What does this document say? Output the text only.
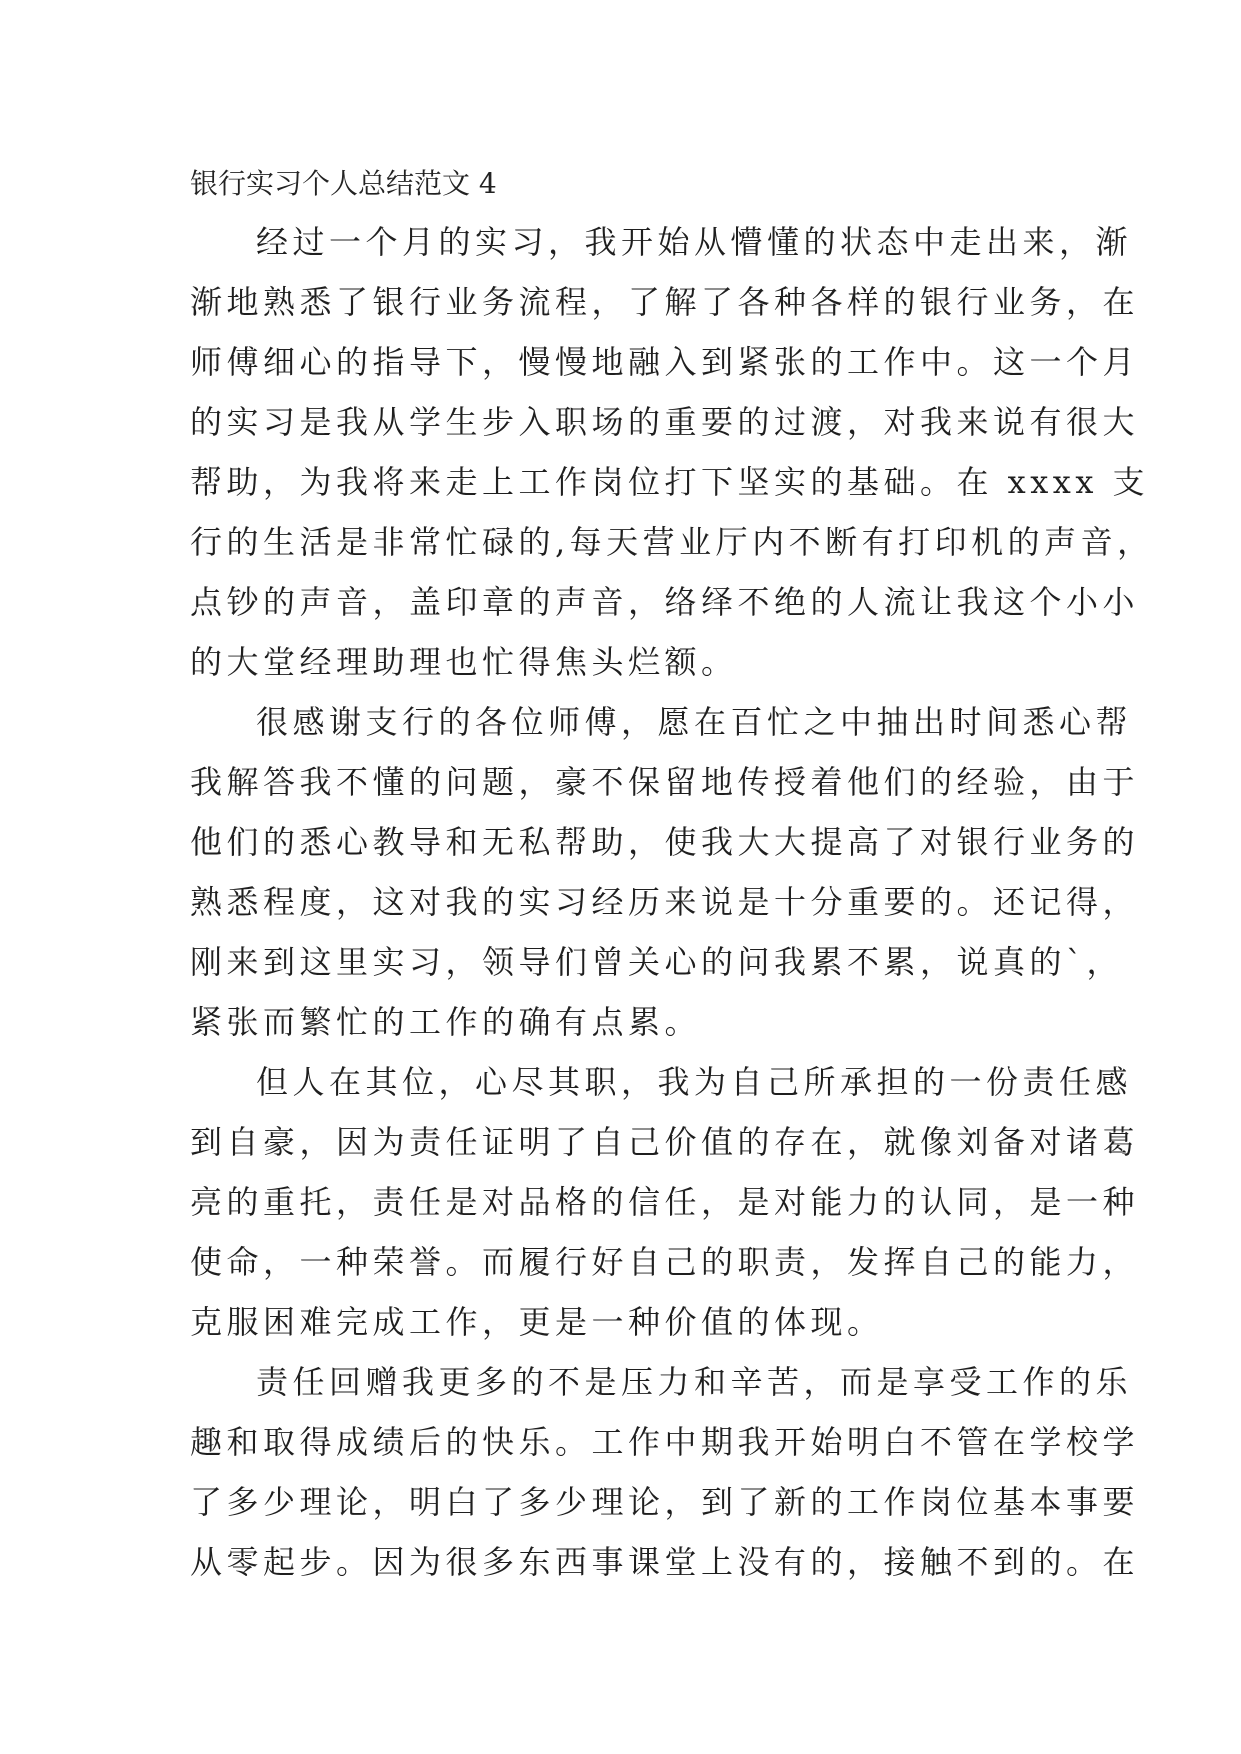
银行实习个人总结范文 4
经过一个月的实习，我开始从懵懂的状态中走出来，渐
渐地熟悉了银行业务流程，了解了各种各样的银行业务，在
师傅细心的指导下，慢慢地融入到紧张的工作中。这一个月
的实习是我从学生步入职场的重要的过渡，对我来说有很大
帮助，为我将来走上工作岗位打下坚实的基础。在 xxxx 支
行的生活是非常忙碌的,每天营业厅内不断有打印机的声音，
点钞的声音，盖印章的声音，络绎不绝的人流让我这个小小
的大堂经理助理也忙得焦头烂额。
很感谢支行的各位师傅，愿在百忙之中抽出时间悉心帮
我解答我不懂的问题，豪不保留地传授着他们的经验，由于
他们的悉心教导和无私帮助，使我大大提高了对银行业务的
熟悉程度，这对我的实习经历来说是十分重要的。还记得，
刚来到这里实习，领导们曾关心的问我累不累，说真的`，
紧张而繁忙的工作的确有点累。
但人在其位，心尽其职，我为自己所承担的一份责任感
到自豪，因为责任证明了自己价值的存在，就像刘备对诸葛
亮的重托，责任是对品格的信任，是对能力的认同，是一种
使命，一种荣誉。而履行好自己的职责，发挥自己的能力，
克服困难完成工作，更是一种价值的体现。
责任回赠我更多的不是压力和辛苦，而是享受工作的乐
趣和取得成绩后的快乐。工作中期我开始明白不管在学校学
了多少理论，明白了多少理论，到了新的工作岗位基本事要
从零起步。因为很多东西事课堂上没有的，接触不到的。在
